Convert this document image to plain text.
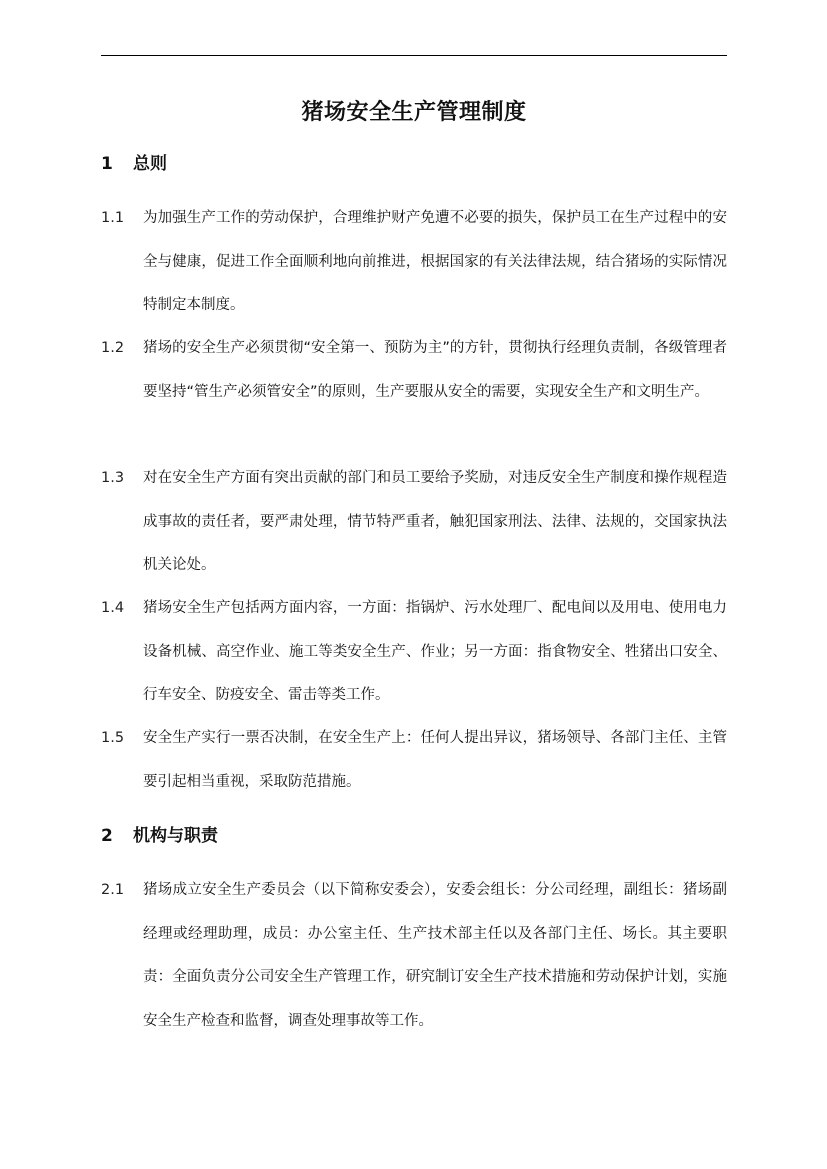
猪场安全生产管理制度
1 总则
1.1 为加强生产工作的劳动保护，合理维护财产免遭不必要的损失，保护员工在生产过程中的安全与健康，促进工作全面顺利地向前推进，根据国家的有关法律法规，结合猪场的实际情况特制定本制度。
1.2 猪场的安全生产必须贯彻“安全第一、预防为主”的方针，贯彻执行经理负责制，各级管理者要坚持“管生产必须管安全”的原则，生产要服从安全的需要，实现安全生产和文明生产。
1.3 对在安全生产方面有突出贡献的部门和员工要给予奖励，对违反安全生产制度和操作规程造成事故的责任者，要严肃处理，情节特严重者，触犯国家刑法、法律、法规的，交国家执法机关论处。
1.4 猪场安全生产包括两方面内容，一方面：指锅炉、污水处理厂、配电间以及用电、使用电力设备机械、高空作业、施工等类安全生产、作业；另一方面：指食物安全、牲猪出口安全、行车安全、防疫安全、雷击等类工作。
1.5 安全生产实行一票否决制，在安全生产上：任何人提出异议，猪场领导、各部门主任、主管要引起相当重视，采取防范措施。
2 机构与职责
2.1 猪场成立安全生产委员会（以下简称安委会），安委会组长：分公司经理，副组长：猪场副经理或经理助理，成员：办公室主任、生产技术部主任以及各部门主任、场长。其主要职责：全面负责分公司安全生产管理工作，研究制订安全生产技术措施和劳动保护计划，实施安全生产检查和监督，调查处理事故等工作。
